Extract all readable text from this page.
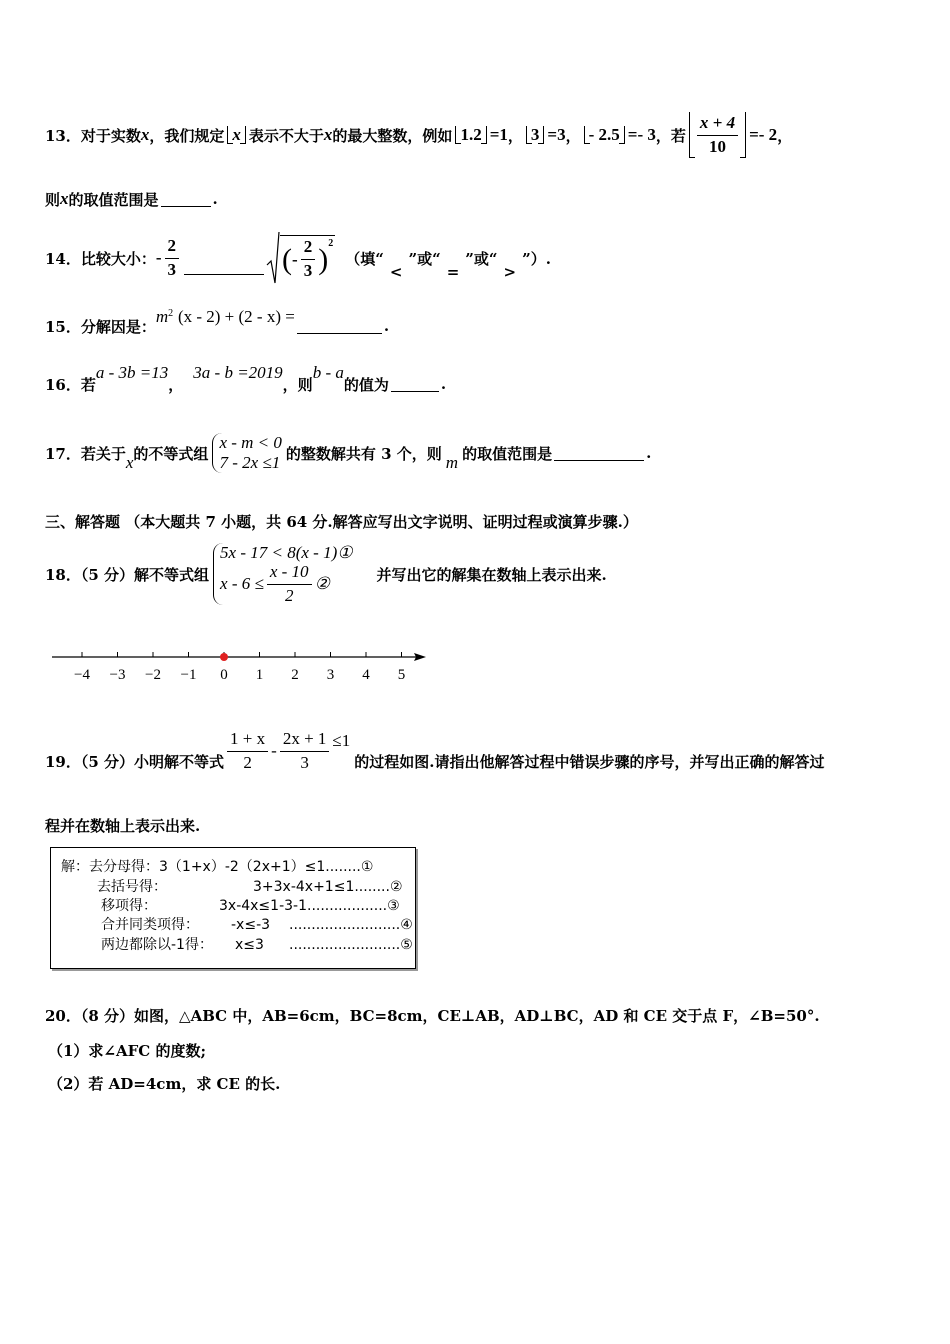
13． 对于实数 x ，我们规定 x 表示不大于 x 的最大整数，例如 1.2 =1 ， 3 =3 ， - 2.5 =- 3 ，若 $\frac{x + 4}{10} =- 2$ ，
则 x 的取值范围是	.
14．比较大小： - $\frac{2}{3}$	( - $\frac{2}{3} )^2$
（填“
<
”或“
=
”或“
>
”）.
15．分解因是：
$m^2$ (x - 2) + (2 - x) =	.
16．若
a - 3b =13
，
3a - b =2019
，则
b - a
的值为	.
17．若关于 x 的不等式组
x - m < 0
7 - 2x ≤1 的整数解共有 3 个，则 m 的取值范围是	.
三、解答题 （本大题共 7 小题，共 64 分.解答应写出文字说明、证明过程或演算步骤.）
18．（5 分）解不等式组
5x - 17 < 8(x - 1)①
$x - 6 \le \frac{x - 10}{2}$ ②	并写出它的解集在数轴上表示出来.
−4 −3 −2 −1 0 1 2 3 4 5
19．（5 分）小明解不等式 $\frac{1 + x}{2} - \frac{2x + 1}{3} \le 1$
的过程如图.请指出他解答过程中错误步骤的序号，并写出正确的解答过
程并在数轴上表示出来.
解：去分母得：3（1+x）-2（2x+1）≤1........①
去括号得：	3+3x-4x+1≤1........②
移项得：	3x-4x≤1-3-1..................③
合并同类项得： -x≤-3 .........................④
两边都除以-1得： x≤3 .........................⑤
20．（8 分）如图，△ABC 中，AB=6cm，BC=8cm，CE⊥AB，AD⊥BC，AD 和 CE 交于点 F，∠B=50°.
（1）求∠AFC 的度数;
（2）若 AD=4cm，求 CE 的长.
